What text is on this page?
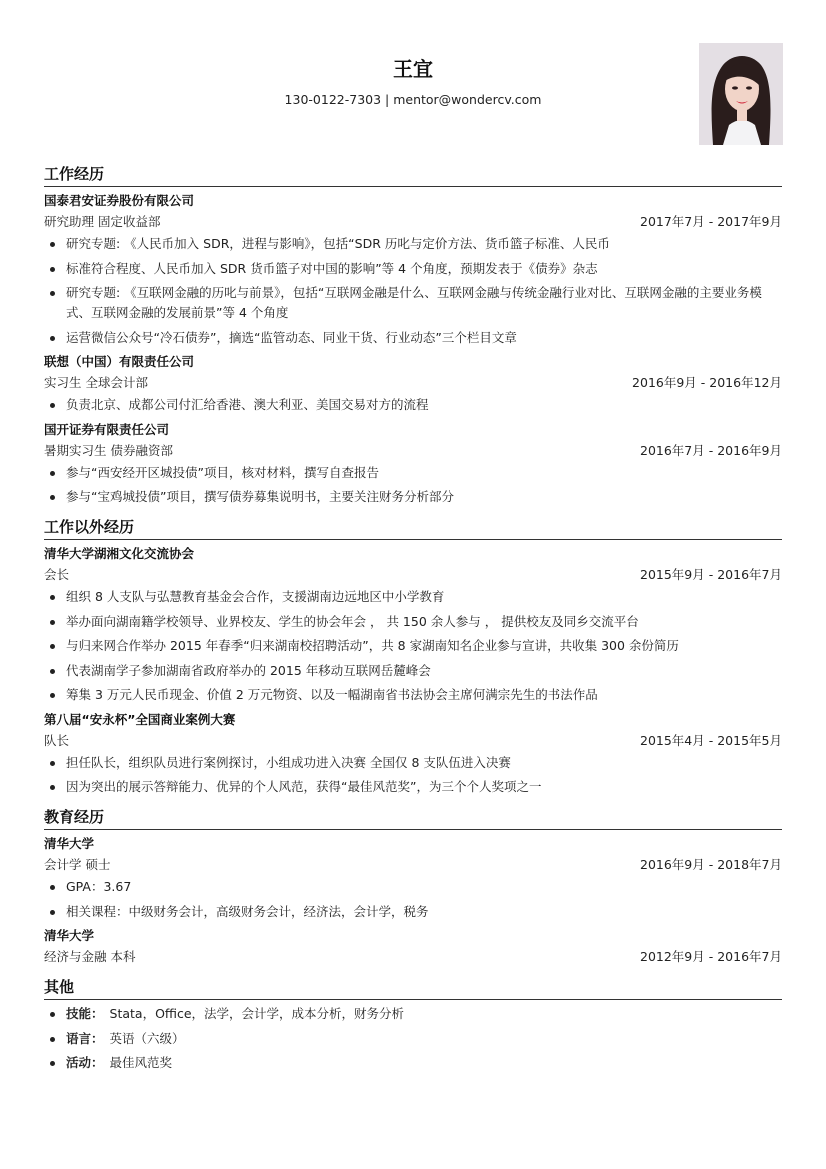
王宜
130-0122-7303 | mentor@wondercv.com
工作经历
国泰君安证券股份有限公司
研究助理 固定收益部	2017年7月 - 2017年9月
研究专题: 《人民币加入 SDR，进程与影响》，包括“SDR 历叱与定价方法、货币篮子标准、人民币
标准符合程度、人民币加入 SDR 货币篮子对中国的影响”等 4 个角度，预期发表于《债券》杂志
研究专题: 《互联网金融的历叱与前景》，包括“互联网金融是什么、互联网金融与传统金融行业对比、互联网金融的主要业务模式、互联网金融的发展前景”等 4 个角度
运营微信公众号“冷石债券”，摘选“监管动态、同业干货、行业动态”三个栏目文章
联想（中国）有限责任公司
实习生 全球会计部	2016年9月 - 2016年12月
负责北京、成都公司付汇给香港、澳大利亚、美国交易对方的流程
国开证券有限责任公司
暑期实习生 债券融资部	2016年7月 - 2016年9月
参与“西安经开区城投债”项目，核对材料，撰写自查报告
参与“宝鸡城投债”项目，撰写债券募集说明书，主要关注财务分析部分
工作以外经历
清华大学湖湘文化交流协会
会长	2015年9月 - 2016年7月
组织 8 人支队与弘慧教育基金会合作，支援湖南边远地区中小学教育
举办面向湖南籍学校领导、业界校友、学生的协会年会 ， 共 150 余人参与 ， 提供校友及同乡交流平台
与归来网合作举办 2015 年春季“归来湖南校招聘活动”，共 8 家湖南知名企业参与宣讲，共收集 300 余份简历
代表湖南学子参加湖南省政府举办的 2015 年移动互联网岳麓峰会
筹集 3 万元人民币现金、价值 2 万元物资、以及一幅湖南省书法协会主席何满宗先生的书法作品
第八届“安永杯”全国商业案例大赛
队长	2015年4月 - 2015年5月
担任队长，组织队员进行案例探讨，小组成功进入决赛 全国仅 8 支队伍进入决赛
因为突出的展示答辩能力、优异的个人风范，获得“最佳风范奖”，为三个个人奖项之一
教育经历
清华大学
会计学 硕士	2016年9月 - 2018年7月
GPA：3.67
相关课程：中级财务会计，高级财务会计，经济法，会计学，税务
清华大学
经济与金融 本科	2012年9月 - 2016年7月
其他
技能： Stata，Office，法学，会计学，成本分析，财务分析
语言： 英语（六级）
活动： 最佳风范奖
